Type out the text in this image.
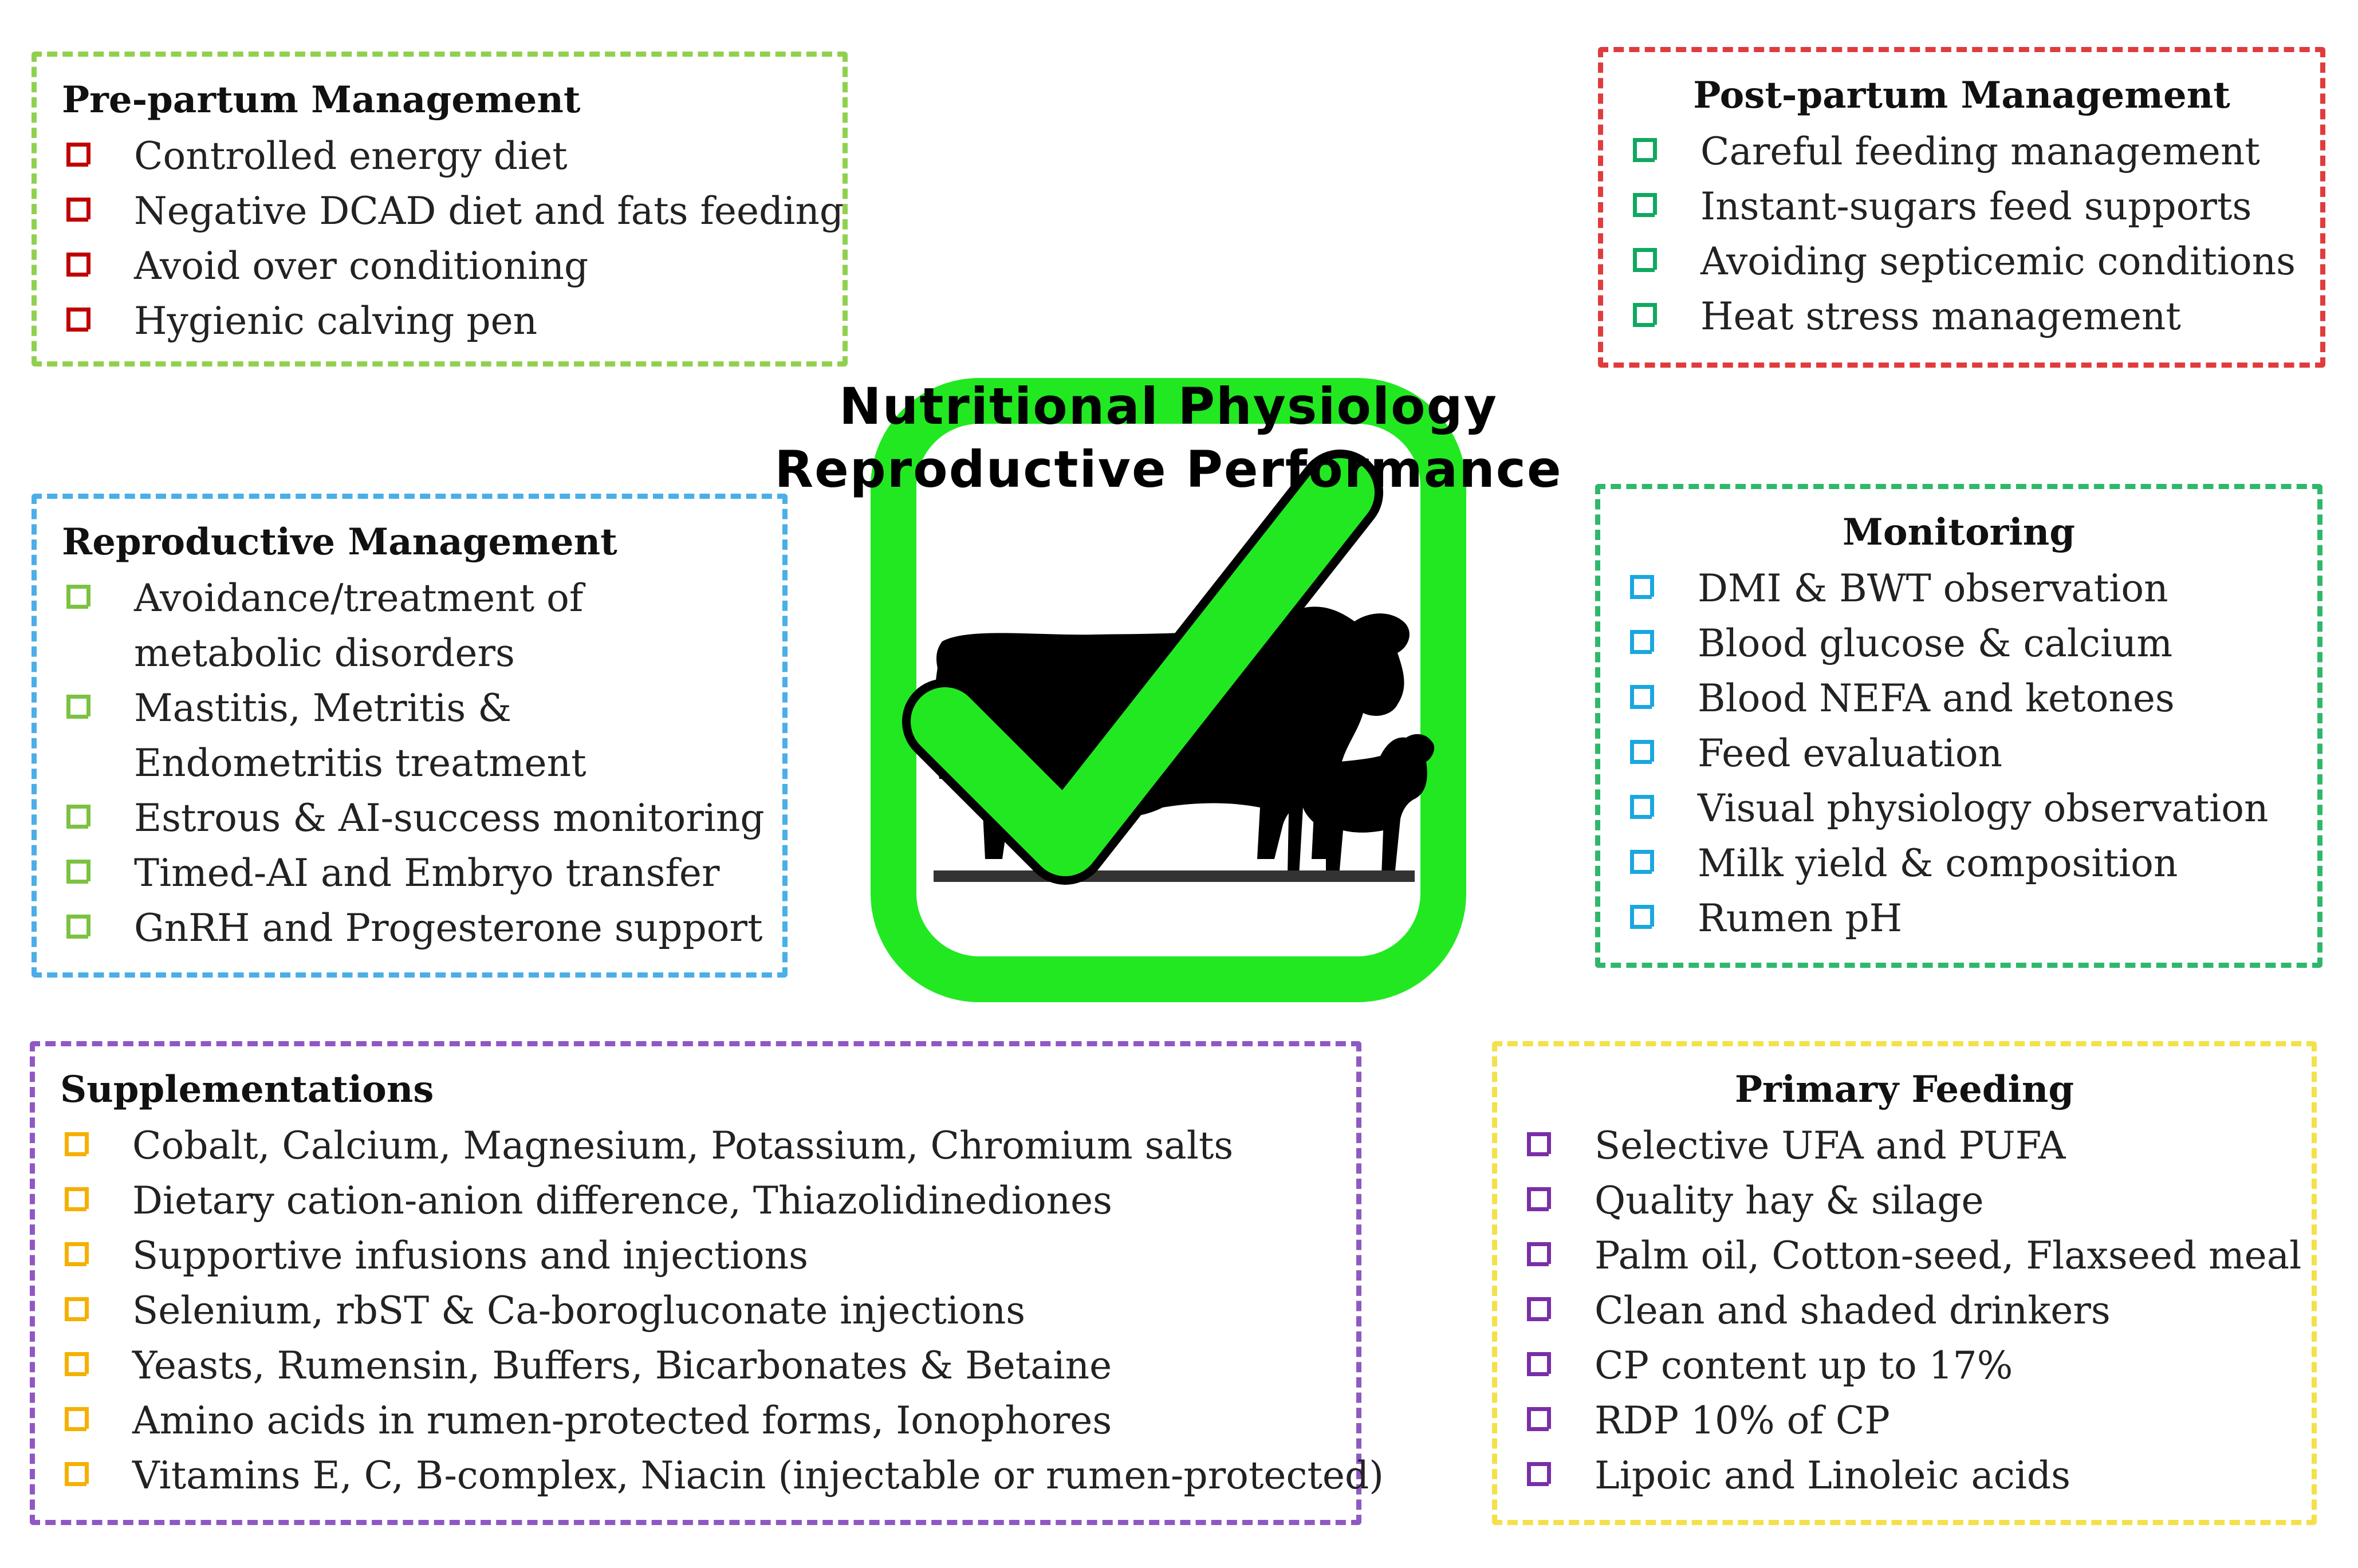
Nutritional Physiology
Reproductive Performance
Pre-partum Management
Controlled energy diet
Negative DCAD diet and fats feeding
Avoid over conditioning
Hygienic calving pen
Post-partum Management
Careful feeding management
Instant-sugars feed supports
Avoiding septicemic conditions
Heat stress management
Reproductive Management
Avoidance/treatment of metabolic disorders
Mastitis, Metritis & Endometritis treatment
Estrous & AI-success monitoring
Timed-AI and Embryo transfer
GnRH and Progesterone support
Monitoring
DMI & BWT observation
Blood glucose & calcium
Blood NEFA and ketones
Feed evaluation
Visual physiology observation
Milk yield & composition
Rumen pH
Supplementations
Cobalt, Calcium, Magnesium, Potassium, Chromium salts
Dietary cation-anion difference, Thiazolidinediones
Supportive infusions and injections
Selenium, rbST & Ca-borogluconate injections
Yeasts, Rumensin, Buffers, Bicarbonates & Betaine
Amino acids in rumen-protected forms, Ionophores
Vitamins E, C, B-complex, Niacin (injectable or rumen-protected)
Primary Feeding
Selective UFA and PUFA
Quality hay & silage
Palm oil, Cotton-seed, Flaxseed meal
Clean and shaded drinkers
CP content up to 17%
RDP 10% of CP
Lipoic and Linoleic acids
